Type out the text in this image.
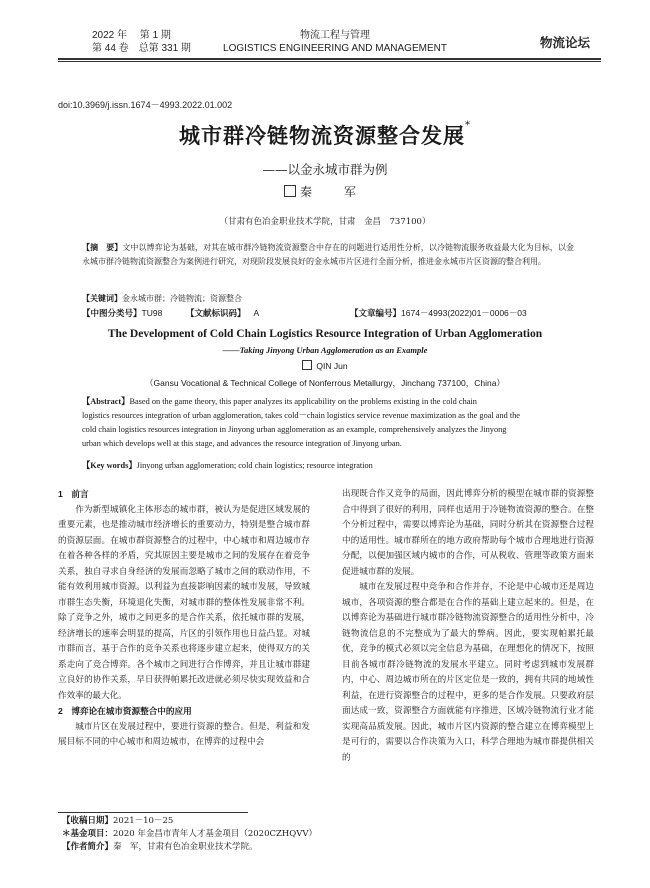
2022 年　 第 1 期
第 44 卷　总第 331 期
物流工程与管理
LOGISTICS ENGINEERING AND MANAGEMENT	物流论坛
doi:10.3969/j.issn.1674－4993.2022.01.002
城市群冷链物流资源整合发展*
——以金永城市群为例
秦　军
（甘肃有色冶金职业技术学院，甘肃　金昌　737100）
【摘　要】文中以博弈论为基础，对其在城市群冷链物流资源整合中存在的问题进行适用性分析，以冷链物流服务收益最大化为目标，以金永城市群冷链物流资源整合为案例进行研究，对现阶段发展良好的金永城市片区进行全面分析，推进金永城市片区资源的整合利用。
【关键词】金永城市群；冷链物流；资源整合
【中图分类号】TU98	【文献标识码】 A	【文章编号】1674－4993(2022)01－0006－03
The Development of Cold Chain Logistics Resource Integration of Urban Agglomeration
——Taking Jinyong Urban Agglomeration as an Example
QIN Jun
（Gansu Vocational & Technical College of Nonferrous Metallurgy，Jinchang 737100，China）
【Abstract】Based on the game theory, this paper analyzes its applicability on the problems existing in the cold chain
logistics resources integration of urban agglomeration, takes cold－chain logistics service revenue maximization as the goal and the
cold chain logistics resources integration in Jinyong urban agglomeration as an example, comprehensively analyzes the Jinyong
urban which develops well at this stage, and advances the resource integration of Jinyong urban.
【Key words】Jinyong urban agglomeration; cold chain logistics; resource integration
1　前言

作为新型城镇化主体形态的城市群，被认为是促进区域发展的重要元素，也是推动城市经济增长的重要动力，特别是整合城市群的资源层面。在城市群资源整合的过程中，中心城市和周边城市存在着各种各样的矛盾，究其原因主要是城市之间的发展存在着竞争关系，独自寻求自身经济的发展而忽略了城市之间的联动作用，不能有效利用城市资源。以利益为直接影响因素的城市发展，导致城市群生态失衡，环境退化失衡，对城市群的整体性发展非常不利。除了竞争之外，城市之间更多的是合作关系，依托城市群的发展，经济增长的速率会明显的提高，片区的引领作用也日益凸显。对城市群而言，基于合作的竞争关系也将逐步建立起来，使得双方的关系走向了竞合博弈。各个城市之间进行合作博弈，并且让城市群建立良好的协作关系，早日获得帕累托改进就必须尽快实现效益和合作效率的最大化。

2　博弈论在城市资源整合中的应用

城市片区在发展过程中，要进行资源的整合。但是，利益和发展目标不同的中心城市和周边城市，在博弈的过程中会

出现既合作又竞争的局面，因此博弈分析的模型在城市群的资源整合中得到了很好的利用，同样也适用于冷链物流资源的整合。在整个分析过程中，需要以博弈论为基础，同时分析其在资源整合过程中的适用性。城市群所在的地方政府帮助每个城市合理地进行资源分配，以便加强区域内城市的合作，可从税收、管理等政策方面来促进城市群的发展。

城市在发展过程中竞争和合作并存，不论是中心城市还是周边城市，各项资源的整合都是在合作的基础上建立起来的。但是，在以博弈论为基础进行城市群冷链物流资源整合的适用性分析中，冷链物流信息的不完整成为了最大的弊病。因此，要实现帕累托最优，竞争的模式必须以完全信息为基础，在理想化的情况下，按照目前各城市群冷链物流的发展水平建立。同时考虑到城市发展群内，中心、周边城市所在的片区定位是一致的，拥有共同的地域性利益，在进行资源整合的过程中，更多的是合作发展。只要政府层面达成一致，资源整合方面就能有序推进，区域冷链物流行业才能实现高品质发展。因此，城市片区内资源的整合建立在博弈模型上是可行的，需要以合作决策为入口，科学合理地为城市群提供相关的

【收稿日期】2021－10－25
＊基金项目：2020 年金昌市青年人才基金项目（2020CZHQVV）
【作者简介】秦　军，甘肃有色冶金职业技术学院。
